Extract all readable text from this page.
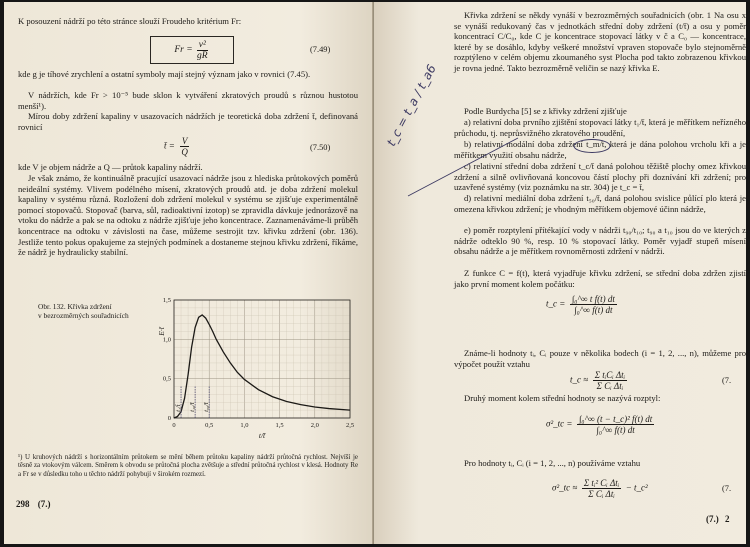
K posouzení nádrží po této stránce slouží Froudeho kritérium Fr:
Fr =
$\frac{\text{v²}}{gR}$	(7.49)
kde g je tíhové zrychlení a ostatní symboly mají stejný význam jako v rovnici (7.45).
V nádržích, kde Fr > 10⁻⁵ bude sklon k vytváření zkratových proudů s různou hustotou menší¹).
Mírou doby zdržení kapaliny v usazovacích nádržích je teoretická doba zdržení t̄, definovaná rovnicí
t̄ = $\frac{V}{Q}$	(7.50)
kde V je objem nádrže a Q — průtok kapaliny nádrží.
Je však známo, že kontinuálně pracující usazovací nádrže jsou z hlediska průtokových poměrů neideální systémy. Vlivem podélného mísení, zkratových proudů atd. je doba zdržení molekul kapaliny v systému různá. Rozložení dob zdržení molekul v systému se zjišťuje experimentálně pomocí stopovačů. Stopovač (barva, sůl, radioaktivní izotop) se zpravidla dávkuje jednorázově na vtoku do nádrže a pak se na odtoku z nádrže zjišťuje jeho koncentrace. Zaznamenáváme-li průběh koncentrace na odtoku v závislosti na čase, můžeme sestrojit tzv. křivku zdržení (obr. 136). Jestliže tento pokus opakujeme za stejných podmínek a dostaneme stejnou křivku zdržení, říkáme, že nádrž je hydraulicky stabilní.
Obr. 132. Křivka zdržení
v bezrozměrných souřadnicích
0	0,5	1,0	1,5	2,0	2,5
0
0,5
1,0
1,5
t/t̄
E·t̄
t₁/t̄ t₁₀/t̄ t₉₀/t̄
¹) U kruhových nádrží s horizontálním průtokem se mění během průtoku kapaliny nádrží průtočná rychlost. Nejvíší je těsně za vtokovým válcem. Směrem k obvodu se průtočná plocha zvětšuje a střední průtočná rychlost v klesá. Hodnoty Re a Fr se v důsledku toho u těchto nádrží pohybují v širokém rozmezí.
298 (7.)
Křivka zdržení se někdy vynáší v bezrozměrných souřadnicích (obr. 1 Na osu x se vynáší redukovaný čas v jednotkách střední doby zdržení (t/t̄) a osu y poměr koncentrací C/C₀, kde C je koncentrace stopovací látky v č a C₀ — koncentrace, které by se dosáhlo, kdyby veškeré množství vpraven stopovače bylo stejnoměrně rozptýleno v celém objemu zkoumaného syst Plocha pod takto zobrazenou křivkou je rovna jedné. Takto bezrozměrně veličin se nazý křivka E.
Podle Burdycha [5] se z křivky zdržení zjišťuje
a) relativní doba prvního zjištění stopovací látky t₁/t̄, která je měřítkem neřízného průchodu, tj. neprůsvižného zkratového proudění,
b) relativní modální doba zdržení t_m/t̄, která je dána polohou vrcholu kři a je měřítkem využití obsahu nádrže,
c) relativní střední doba zdržení t_c/t̄ daná polohou těžiště plochy omez křivkou zdržení a silně ovlivňovaná koncovou částí plochy při doznívání kři zdržení; pro uzavřené systémy (viz poznámku na str. 304) je t_c = t̄,
d) relativní mediální doba zdržení t₅₀/t̄, daná polohou svislice půlící plo která je omezena křivkou zdržení; je vhodným měřítkem objemové účinn nádrže,
e) poměr rozptylení přítékající vody v nádrži t₉₀/t₁₀; t₉₀ a t₁₀ jsou do ve kterých z nádrže odteklo 90 %, resp. 10 % stopovací látky. Poměr vyjadř stupeň mísení obsahu nádrže a je měřítkem rovnoměrnosti zdržení v nádrži.
Z funkce C = f(t), která vyjadřuje křivku zdržení, se střední doba zdržen zjistí jako první moment kolem počátku:
t_c = $\frac{\text{∫₀\textasciicircum{}∞ t f(t) dt}}{\text{∫₀\textasciicircum{}∞ f(t) dt}}$
Známe-li hodnoty tᵢ, Cᵢ pouze v několika bodech (i = 1, 2, ..., n), můžeme pro výpočet použít vztahu
t_c ≈ $\frac{\text{Σ tᵢCᵢ Δtᵢ}}{\text{Σ Cᵢ Δtᵢ}}$	(7.
Druhý moment kolem střední hodnoty se nazývá rozptyl:
σ²_tc = $\frac{\text{∫₀\textasciicircum{}∞ (t − t\_c)² f(t) dt}}{\text{∫₀\textasciicircum{}∞ f(t) dt}}$
Pro hodnoty tᵢ, Cᵢ (i = 1, 2, ..., n) používáme vztahu
σ²_tc ≈ $\frac{\text{Σ tᵢ² Cᵢ Δtᵢ}}{\text{Σ Cᵢ Δtᵢ}}$ − t_c²	(7.
(7.) 2
t_c = t_a / t_a6
